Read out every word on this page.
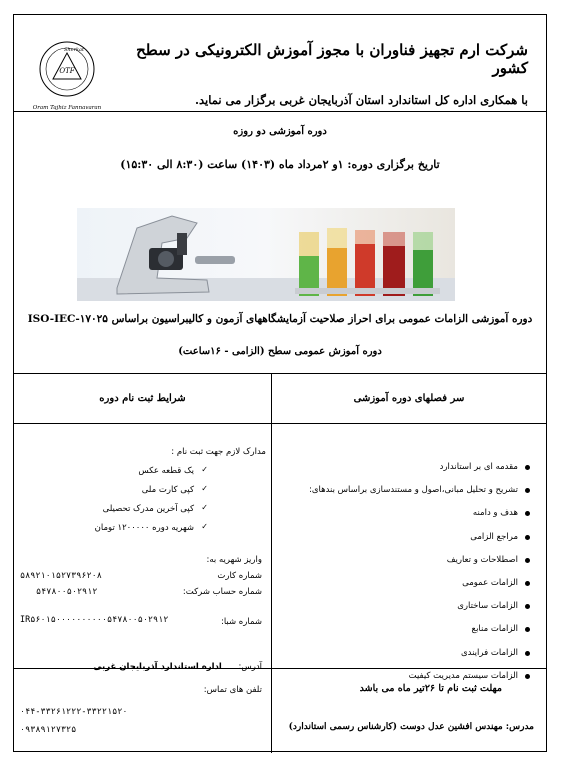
OTF
Sherkat
Oram Tajhiz Fannavaran
شرکت ارم تجهیز فناوران با مجوز آموزش الکترونیکی در سطح کشور
با همکاری اداره کل استاندارد استان آذربایجان غربی برگزار می نماید.
دوره آموزشی دو روزه
تاریخ برگزاری دوره: ۱و ۲مرداد ماه (۱۴۰۳) ساعت (۸:۳۰ الی ۱۵:۳۰)
دوره آموزشی الزامات عمومی برای احراز صلاحیت آزمایشگاههای آزمون و کالیبراسیون براساس ISO-IEC-۱۷۰۲۵
دوره آموزش عمومی سطح (الزامی - ۱۶ساعت)
سر فصلهای دوره آموزشی
شرایط ثبت نام دوره
مقدمه ای بر استاندارد
تشریح و تحلیل مبانی،اصول و مستندسازی براساس بندهای:
هدف و دامنه
مراجع الزامی
اصطلاحات و تعاریف
الزامات عمومی
الزامات ساختاری
الزامات منابع
الزامات فرایندی
الزامات سیستم مدیریت کیفیت
مدارک لازم جهت ثبت نام :
✓
یک قطعه عکس
✓
کپی کارت ملی
✓
کپی آخرین مدرک تحصیلی
✓
شهریه دوره ۱۲۰۰۰۰۰ تومان
واریز شهریه به:
شماره کارت
۵۸۹۲۱۰۱۵۲۷۳۹۶۲۰۸
شماره حساب شرکت:
۵۴۷۸۰۰۵۰۲۹۱۲
شماره شبا:
IR۵۶۰۱۵۰۰۰۰۰۰۰۰۰۰۵۴۷۸۰۰۵۰۲۹۱۲
آدرس: اداره استاندارد آذربایجان غربی
تلفن های تماس:
۰۴۴-۳۳۲۶۱۲۲۲-۳۳۲۲۱۵۲۰
۰۹۳۸۹۱۲۷۳۲۵
مهلت ثبت نام تا ۲۶تیر ماه می باشد
مدرس: مهندس افشین عدل دوست (کارشناس رسمی استاندارد)
